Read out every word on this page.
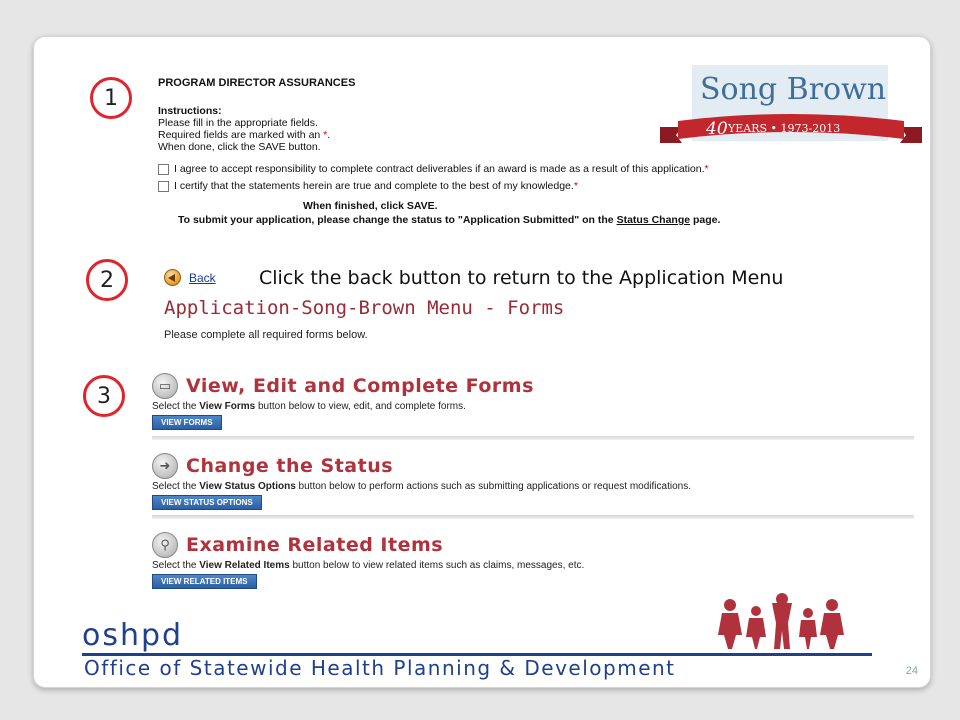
1
2
3
PROGRAM DIRECTOR ASSURANCES
Instructions:
Please fill in the appropriate fields.
Required fields are marked with an *.
When done, click the SAVE button.
I agree to accept responsibility to complete contract deliverables if an award is made as a result of this application. *
I certify that the statements herein are true and complete to the best of my knowledge. *
When finished, click SAVE.
To submit your application, please change the status to "Application Submitted" on the Status Change page.
Song Brown
40 YEARS • 1973-2013
Back Click the back button to return to the Application Menu
Application-Song-Brown Menu - Forms
Please complete all required forms below.
▭ View, Edit and Complete Forms
Select the View Forms button below to view, edit, and complete forms.
VIEW FORMS
➜ Change the Status
Select the View Status Options button below to perform actions such as submitting applications or request modifications.
VIEW STATUS OPTIONS
⚲ Examine Related Items
Select the View Related Items button below to view related items such as claims, messages, etc.
VIEW RELATED ITEMS
oshpd
Office of Statewide Health Planning & Development	24
